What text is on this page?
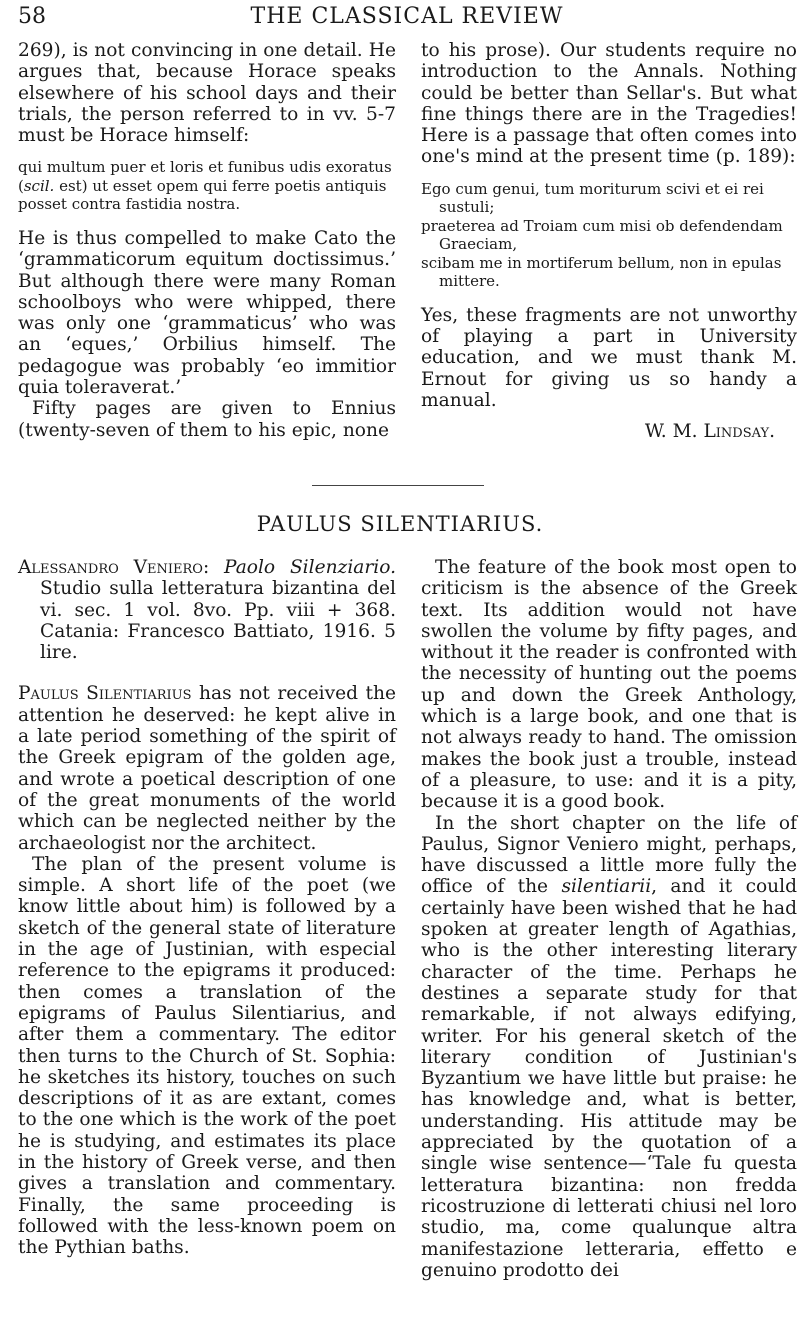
58	THE CLASSICAL REVIEW

269), is not convincing in one detail. He argues that, because Horace speaks elsewhere of his school days and their trials, the person referred to in vv. 5-7 must be Horace himself:

qui multum puer et loris et funibus udis exoratus (scil. est) ut esset opem qui ferre poetis antiquis posset contra fastidia nostra.

He is thus compelled to make Cato the ‘grammaticorum equitum doctissimus.’ But although there were many Roman schoolboys who were whipped, there was only one ‘grammaticus’ who was an ‘eques,’ Orbilius himself. The pedagogue was probably ‘eo immitior quia toleraverat.’

Fifty pages are given to Ennius (twenty-seven of them to his epic, none

to his prose). Our students require no introduction to the Annals. Nothing could be better than Sellar's. But what fine things there are in the Tragedies! Here is a passage that often comes into one's mind at the present time (p. 189):

Ego cum genui, tum moriturum scivi et ei rei sustuli;
praeterea ad Troiam cum misi ob defendendam Graeciam,
scibam me in mortiferum bellum, non in epulas mittere.

Yes, these fragments are not unworthy of playing a part in University education, and we must thank M. Ernout for giving us so handy a manual.

W. M. Lindsay.

PAULUS SILENTIARIUS.

Alessandro Veniero: Paolo Silenziario. Studio sulla letteratura bizantina del vi. sec. 1 vol. 8vo. Pp. viii + 368. Catania: Francesco Battiato, 1916. 5 lire.

Paulus Silentiarius has not received the attention he deserved: he kept alive in a late period something of the spirit of the Greek epigram of the golden age, and wrote a poetical description of one of the great monuments of the world which can be neglected neither by the archaeologist nor the architect.

The plan of the present volume is simple. A short life of the poet (we know little about him) is followed by a sketch of the general state of literature in the age of Justinian, with especial reference to the epigrams it produced: then comes a translation of the epigrams of Paulus Silentiarius, and after them a commentary. The editor then turns to the Church of St. Sophia: he sketches its history, touches on such descriptions of it as are extant, comes to the one which is the work of the poet he is studying, and estimates its place in the history of Greek verse, and then gives a translation and commentary. Finally, the same proceeding is followed with the less-known poem on the Pythian baths.

The feature of the book most open to criticism is the absence of the Greek text. Its addition would not have swollen the volume by fifty pages, and without it the reader is confronted with the necessity of hunting out the poems up and down the Greek Anthology, which is a large book, and one that is not always ready to hand. The omission makes the book just a trouble, instead of a pleasure, to use: and it is a pity, because it is a good book.

In the short chapter on the life of Paulus, Signor Veniero might, perhaps, have discussed a little more fully the office of the silentiarii, and it could certainly have been wished that he had spoken at greater length of Agathias, who is the other interesting literary character of the time. Perhaps he destines a separate study for that remarkable, if not always edifying, writer. For his general sketch of the literary condition of Justinian's Byzantium we have little but praise: he has knowledge and, what is better, understanding. His attitude may be appreciated by the quotation of a single wise sentence—‘Tale fu questa letteratura bizantina: non fredda ricostruzione di letterati chiusi nel loro studio, ma, come qualunque altra manifestazione letteraria, effetto e genuino prodotto dei
